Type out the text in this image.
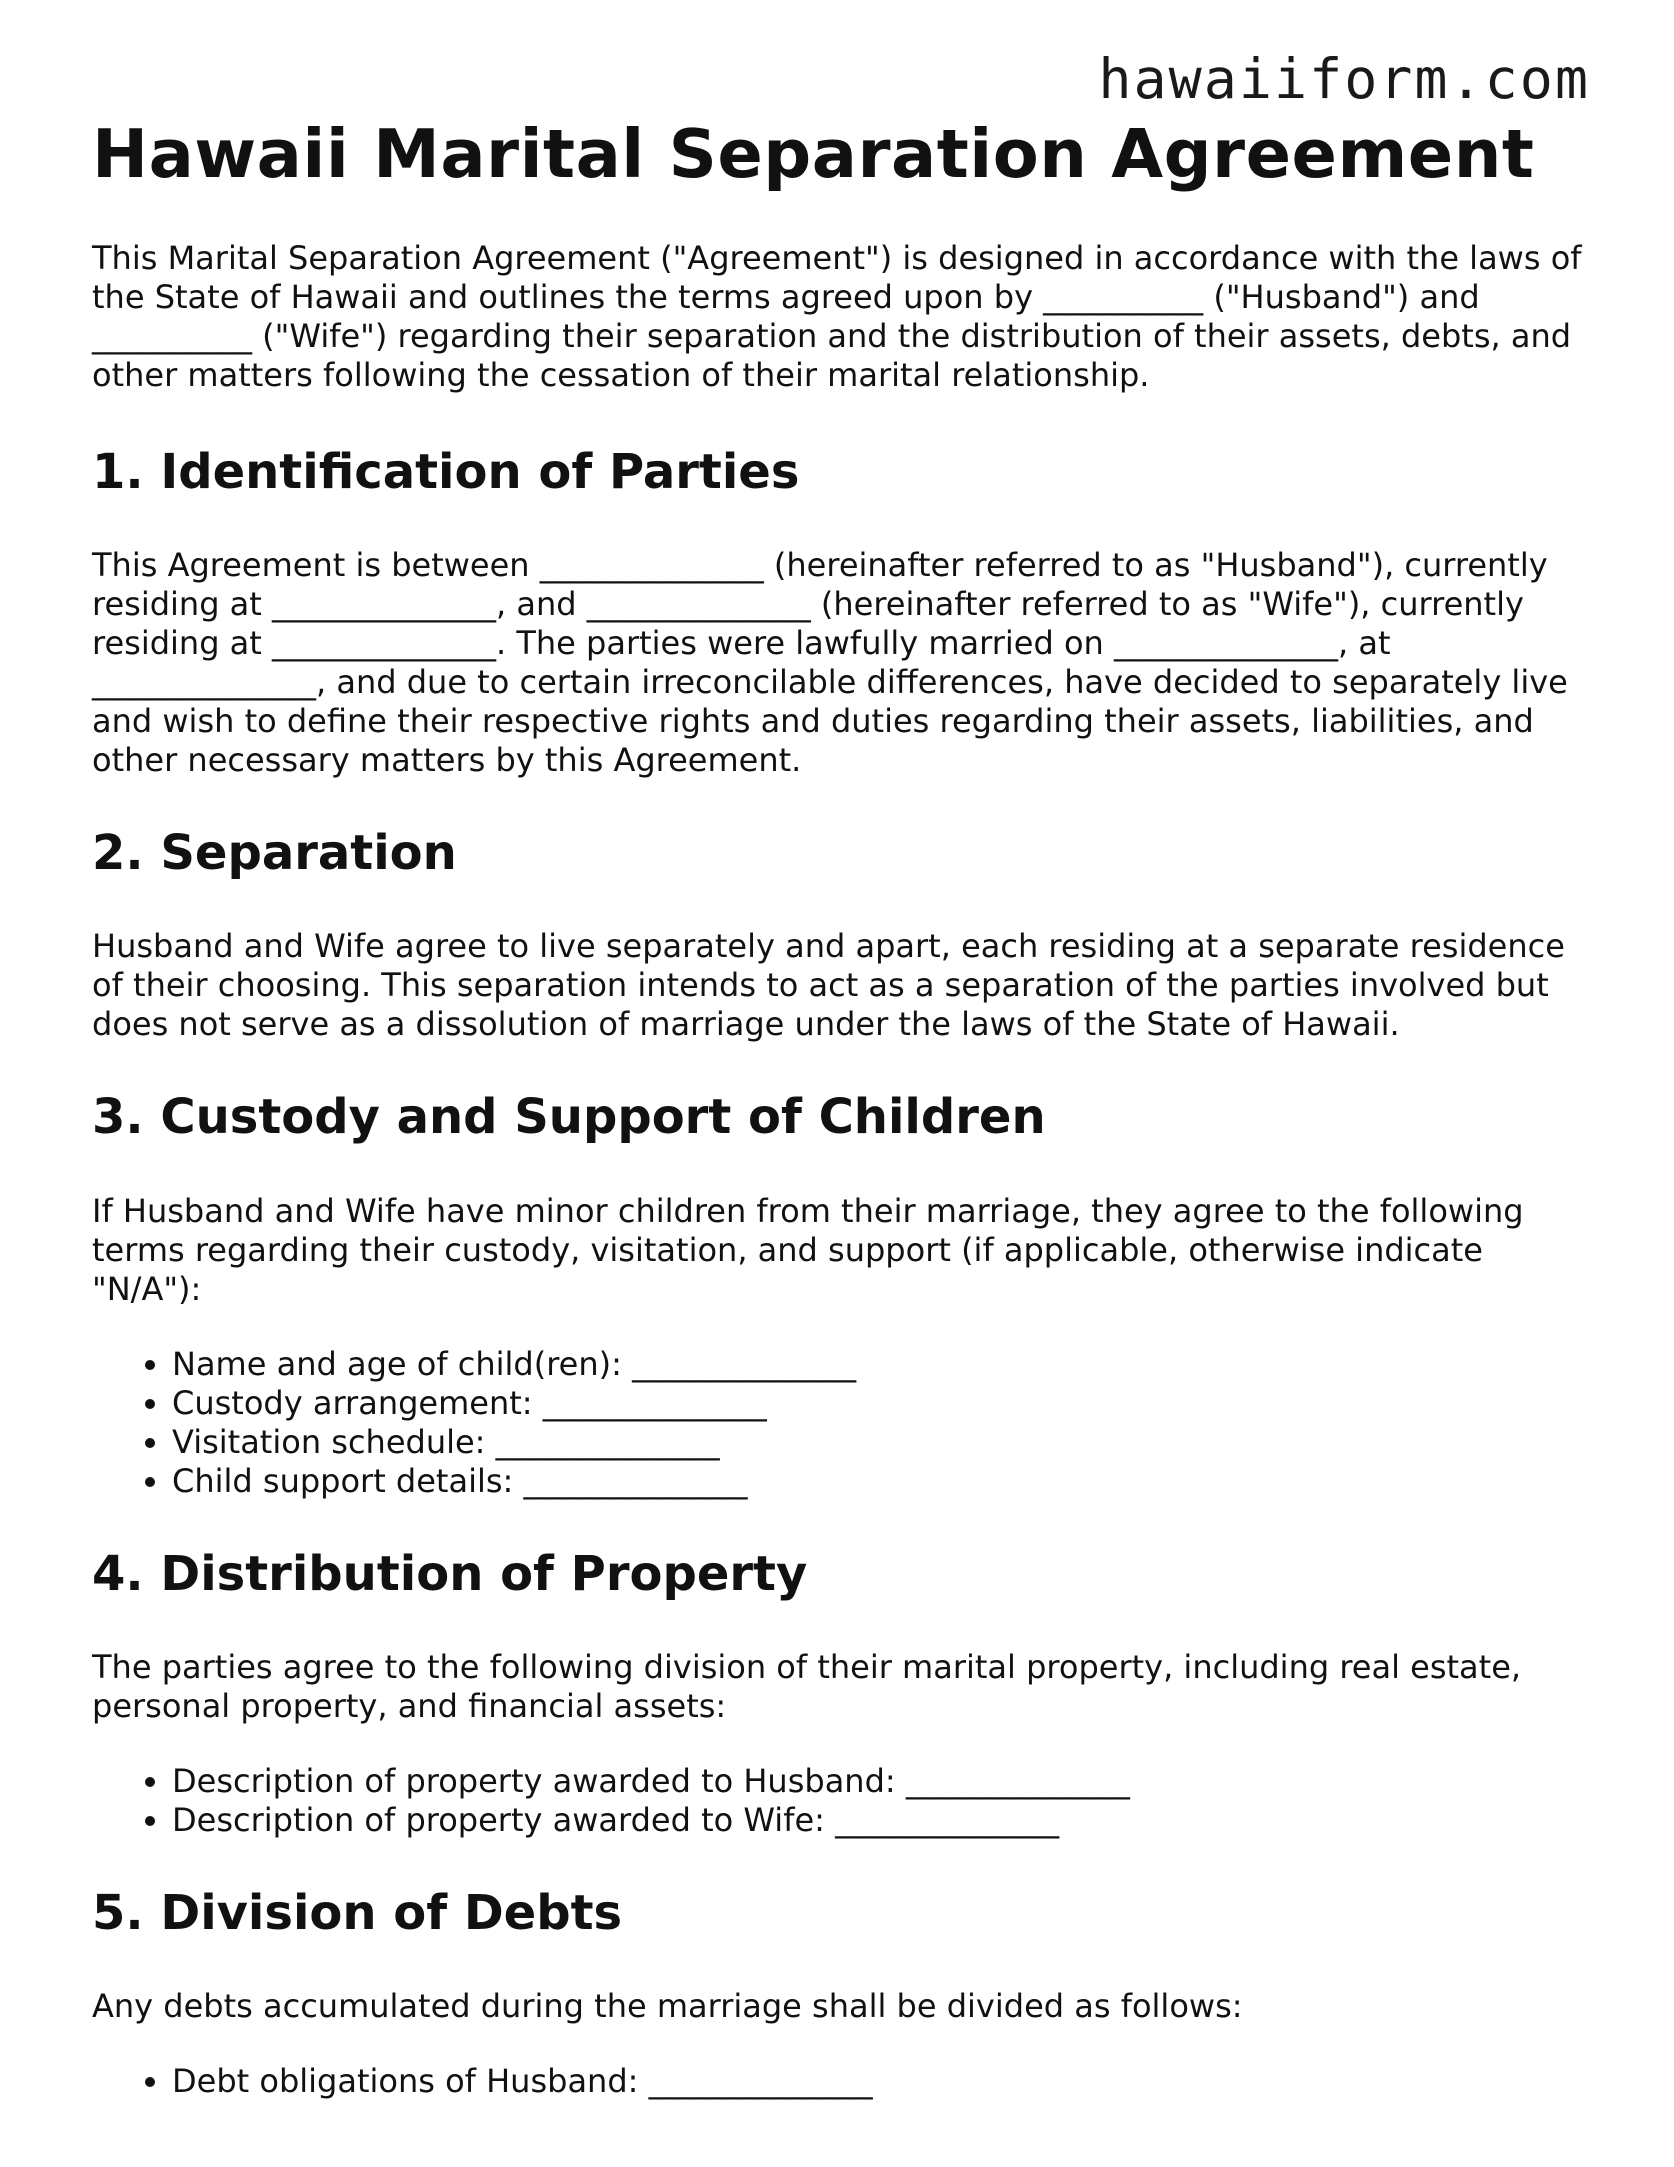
hawaiiform.com
Hawaii Marital Separation Agreement

This Marital Separation Agreement ("Agreement") is designed in accordance with the laws of the State of Hawaii and outlines the terms agreed upon by __________ ("Husband") and __________ ("Wife") regarding their separation and the distribution of their assets, debts, and other matters following the cessation of their marital relationship.

1. Identification of Parties

This Agreement is between ______________ (hereinafter referred to as "Husband"), currently residing at ______________, and ______________ (hereinafter referred to as "Wife"), currently residing at ______________. The parties were lawfully married on ______________, at ______________, and due to certain irreconcilable differences, have decided to separately live and wish to define their respective rights and duties regarding their assets, liabilities, and other necessary matters by this Agreement.

2. Separation

Husband and Wife agree to live separately and apart, each residing at a separate residence of their choosing. This separation intends to act as a separation of the parties involved but does not serve as a dissolution of marriage under the laws of the State of Hawaii.

3. Custody and Support of Children

If Husband and Wife have minor children from their marriage, they agree to the following terms regarding their custody, visitation, and support (if applicable, otherwise indicate "N/A"):

• Name and age of child(ren): ______________
• Custody arrangement: ______________
• Visitation schedule: ______________
• Child support details: ______________
4. Distribution of Property

The parties agree to the following division of their marital property, including real estate, personal property, and financial assets:

• Description of property awarded to Husband: ______________
• Description of property awarded to Wife: ______________
5. Division of Debts

Any debts accumulated during the marriage shall be divided as follows:

• Debt obligations of Husband: ______________
